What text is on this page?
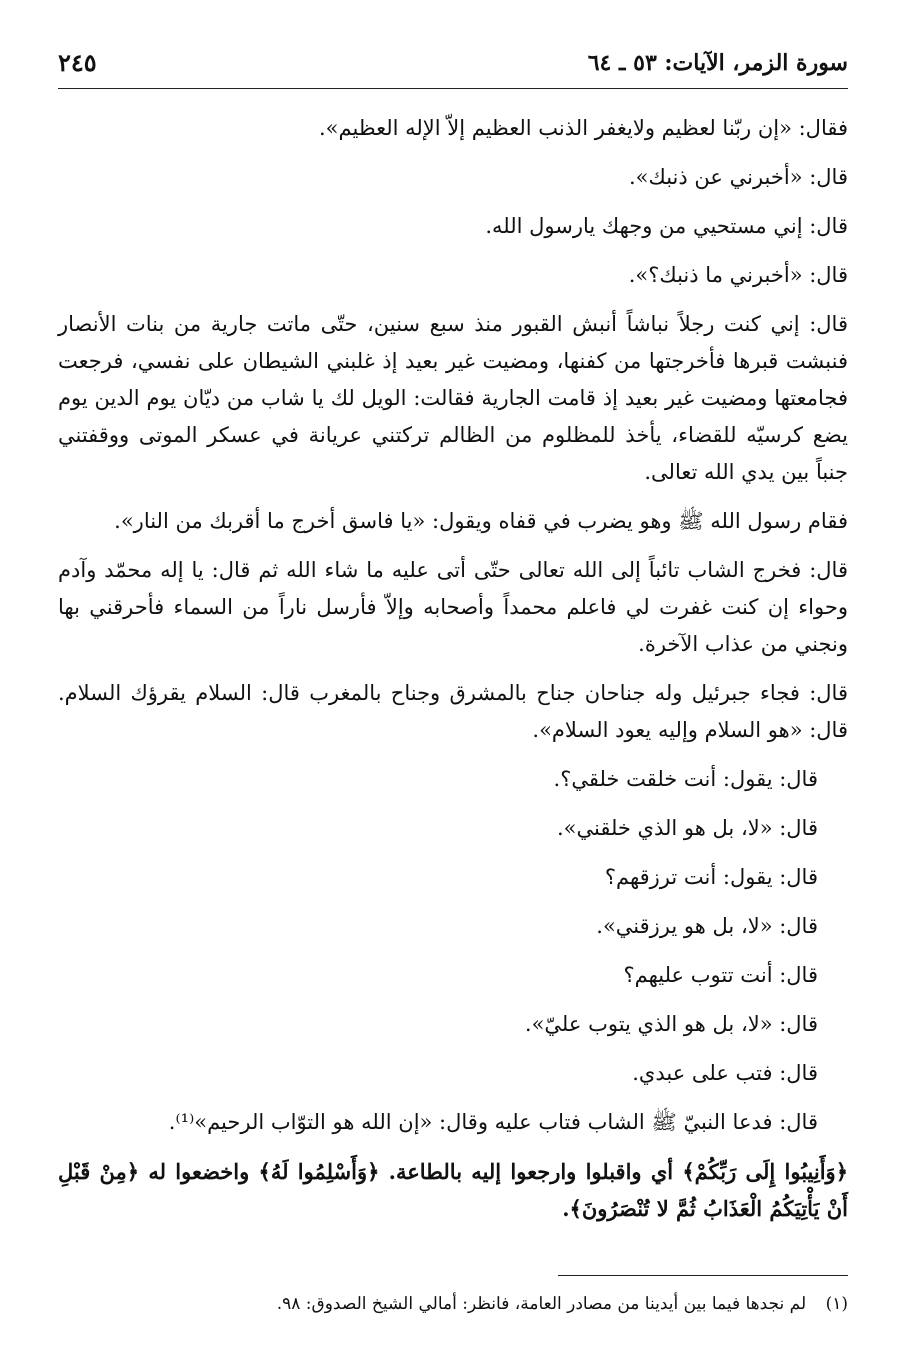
سورة الزمر، الآيات: ٥٣ ـ ٦٤
٢٤٥

فقال: «إن ربّنا لعظيم ولايغفر الذنب العظيم إلاّ الإله العظيم».

قال: «أخبرني عن ذنبك».

قال: إني مستحيي من وجهك يارسول الله.

قال: «أخبرني ما ذنبك؟».

قال: إني كنت رجلاً نباشاً أنبش القبور منذ سبع سنين، حتّى ماتت جارية من بنات الأنصار فنبشت قبرها فأخرجتها من كفنها، ومضيت غير بعيد إذ غلبني الشيطان على نفسي، فرجعت فجامعتها ومضيت غير بعيد إذ قامت الجارية فقالت: الويل لك يا شاب من ديّان يوم الدين يوم يضع كرسيّه للقضاء، يأخذ للمظلوم من الظالم تركتني عريانة في عسكر الموتى ووقفتني جنباً بين يدي الله تعالى.

فقام رسول الله ﷺ وهو يضرب في قفاه ويقول: «يا فاسق أخرج ما أقربك من النار».

قال: فخرج الشاب تائباً إلى الله تعالى حتّى أتى عليه ما شاء الله ثم قال: يا إله محمّد وآدم وحواء إن كنت غفرت لي فاعلم محمداً وأصحابه وإلاّ فأرسل ناراً من السماء فأحرقني بها ونجني من عذاب الآخرة.

قال: فجاء جبرئيل وله جناحان جناح بالمشرق وجناح بالمغرب قال: السلام يقرؤك السلام. قال: «هو السلام وإليه يعود السلام».

قال: يقول: أنت خلقت خلقي؟.

قال: «لا، بل هو الذي خلقني».

قال: يقول: أنت ترزقهم؟

قال: «لا، بل هو يرزقني».

قال: أنت تتوب عليهم؟

قال: «لا، بل هو الذي يتوب عليّ».

قال: فتب على عبدي.

قال: فدعا النبيّ ﷺ الشاب فتاب عليه وقال: «إن الله هو التوّاب الرحيم»⁽¹⁾.

﴿وَأَنِيبُوا إِلَى رَبِّكُمْ﴾ أي واقبلوا وارجعوا إليه بالطاعة. ﴿وَأَسْلِمُوا لَهُ﴾ واخضعوا له ﴿مِنْ قَبْلِ أَنْ يَأْتِيَكُمُ الْعَذَابُ ثُمَّ لا تُنْصَرُونَ﴾.

(١) لم نجدها فيما بين أيدينا من مصادر العامة، فانظر: أمالي الشيخ الصدوق: ٩٨.
